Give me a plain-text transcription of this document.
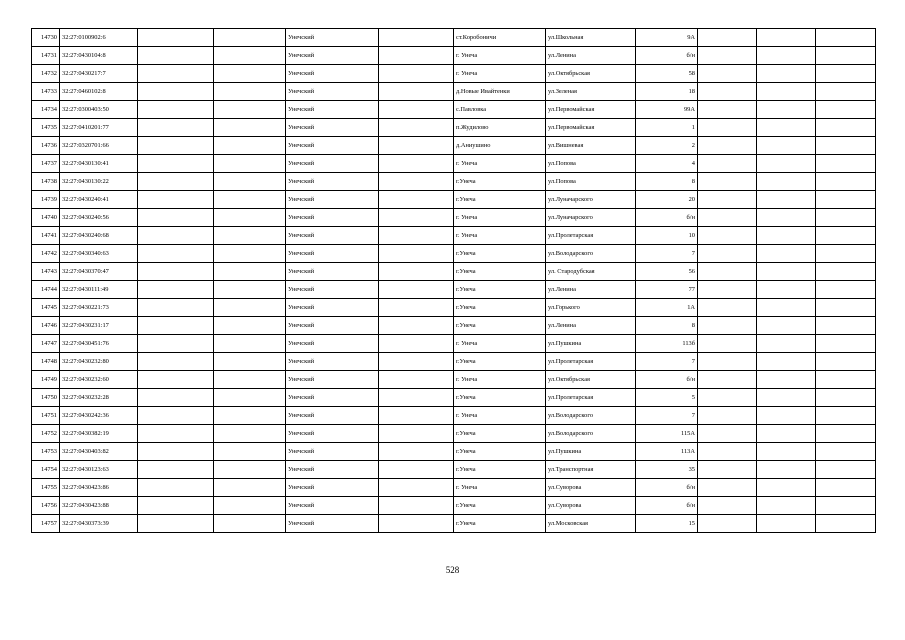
14730	32:27:0100902:6			Унечский		ст.Коробоничи	ул.Школьная	9А			
14731	32:27:0430104:8			Унечский		г. Унеча	ул.Ленина	б/н			
14732	32:27:0430217:7			Унечский		г. Унеча	ул.Октябрьская	58			
14733	32:27:0460102:8			Унечский		д.Новые Ивайтенки	ул.Зеленая	18			
14734	32:27:0300403:50			Унечский		с.Павловка	ул.Первомайская	99А			
14735	32:27:0410201:77			Унечский		п.Жудилово	ул.Первомайская	1			
14736	32:27:0320701:66			Унечский		д.Аниушино	ул.Вишневая	2			
14737	32:27:0430130:41			Унечский		г. Унеча	ул.Попова	4			
14738	32:27:0430130:22			Унечский		г.Унеча	ул.Попова	8			
14739	32:27:0430240:41			Унечский		г.Унеча	ул.Луначарского	20			
14740	32:27:0430240:56			Унечский		г. Унеча	ул.Луначарского	б/н			
14741	32:27:0430240:68			Унечский		г. Унеча	ул.Пролетарская	10			
14742	32:27:0430340:63			Унечский		г.Унеча	ул.Володарского	7			
14743	32:27:0430370:47			Унечский		г.Унеча	ул. Стародубская	56			
14744	32:27:0430111:49			Унечский		г.Унеча	ул.Ленина	77			
14745	32:27:0430221:73			Унечский		г.Унеча	ул.Горького	1А			
14746	32:27:0430231:17			Унечский		г.Унеча	ул.Ленина	8			
14747	32:27:0430451:76			Унечский		г. Унеча	ул.Пушкина	113б			
14748	32:27:0430232:80			Унечский		г.Унеча	ул.Пролетарская	7			
14749	32:27:0430232:60			Унечский		г. Унеча	ул.Октябрьская	б/н			
14750	32:27:0430232:28			Унечский		г.Унеча	ул.Пролетарская	5			
14751	32:27:0430242:36			Унечский		г. Унеча	ул.Володарского	7			
14752	32:27:0430382:19			Унечский		г.Унеча	ул.Володарского	115А			
14753	32:27:0430403:82			Унечский		г.Унеча	ул.Пушкина	113А			
14754	32:27:0430123:63			Унечский		г.Унеча	ул.Транспортная	35			
14755	32:27:0430423:86			Унечский		г. Унеча	ул.Суворова	б/н			
14756	32:27:0430423:88			Унечский		г.Унеча	ул.Суворова	б/н			
14757	32:27:0430373:39			Унечский		г.Унеча	ул.Московская	15			
528
